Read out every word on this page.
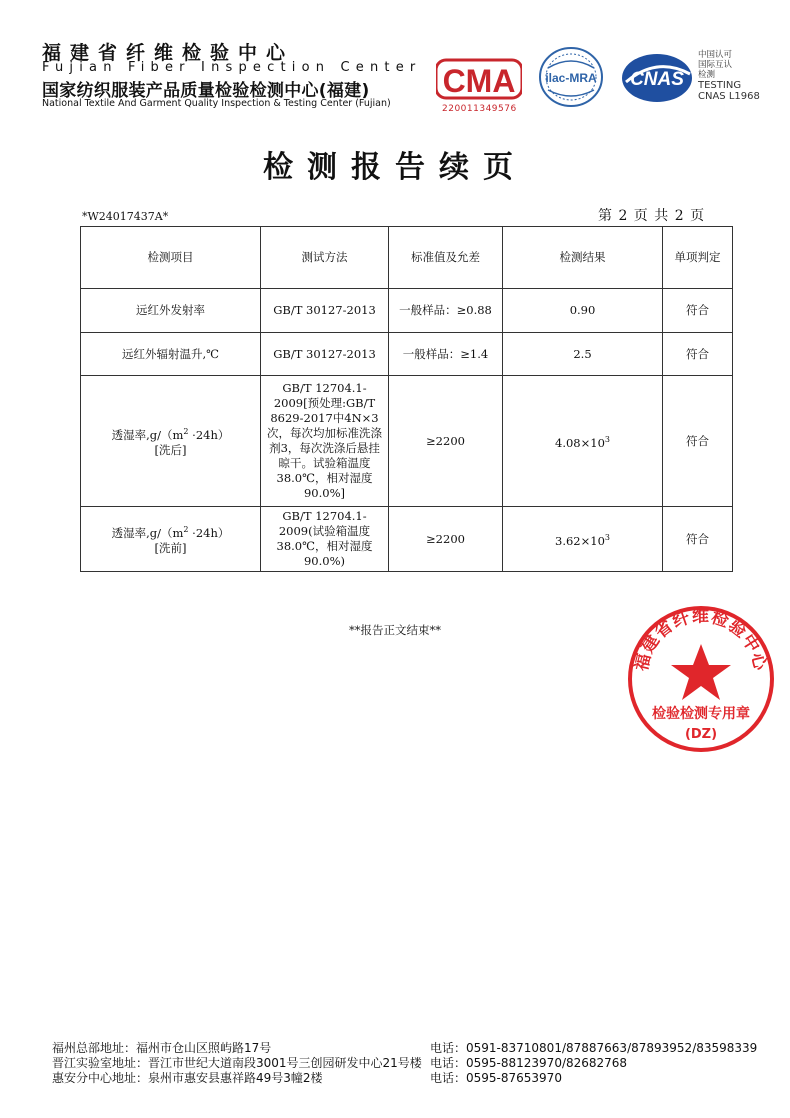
福建省纤维检验中心
Fujian Fiber Inspection Center
国家纺织服装产品质量检验检测中心(福建)
National Textile And Garment Quality Inspection & Testing Center (Fujian)
CMA
220011349576
ilac-MRA CNAS
中国认可
国际互认
检测
TESTING
CNAS L1968
检测报告续页
*W24017437A*	第 2 页 共 2 页
检测项目	测试方法	标准值及允差	检测结果	单项判定
远红外发射率	GB/T 30127-2013	一般样品：≥0.88	0.90	符合
远红外辐射温升,℃	GB/T 30127-2013	一般样品：≥1.4	2.5	符合
透湿率$,g/(m^2 \cdot 24h)$
[洗后]	GB/T 12704.1-2009[预处理:GB/T 8629-2017中4N×3次，每次均加标准洗涤剂3，每次洗涤后悬挂晾干。试验箱温度38.0℃，相对湿度90.0%]	≥2200	$4.08\times 10^3$	符合
透湿率$,g/(m^2 \cdot 24h)$
[洗前]	GB/T 12704.1-2009(试验箱温度38.0℃，相对湿度90.0%)	≥2200	$3.62\times 10^3$	符合
**报告正文结束**
福建省纤维检验中心
检验检测专用章
(DZ)
福州总部地址：福州市仓山区照屿路17号	电话：0591-83710801/87887663/87893952/83598339
晋江实验室地址：晋江市世纪大道南段3001号三创园研发中心21号楼 电话：0595-88123970/82682768
惠安分中心地址：泉州市惠安县惠祥路49号3幢2楼	电话：0595-87653970
